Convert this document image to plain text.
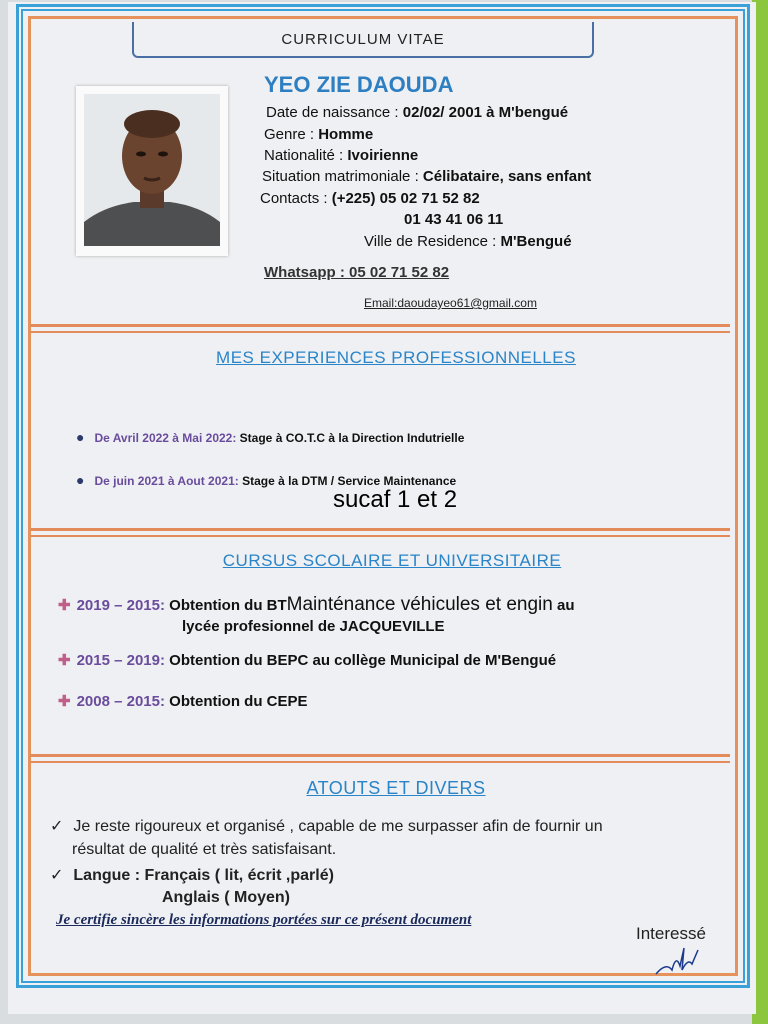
CURRICULUM VITAE
YEO ZIE DAOUDA
Date de naissance : 02/02/ 2001 à M'bengué
Genre : Homme
Nationalité : Ivoirienne
Situation matrimoniale : Célibataire, sans enfant
Contacts : (+225) 05 02 71 52 82
01 43 41 06 11
Ville de Residence : M'Bengué
Whatsapp : 05 02 71 52 82
Email:daoudayeo61@gmail.com
MES EXPERIENCES PROFESSIONNELLES
● De Avril 2022 à Mai 2022: Stage à CO.T.C à la Direction Indutrielle
● De juin 2021 à Aout 2021: Stage à la DTM / Service Maintenance
sucaf 1 et 2
CURSUS SCOLAIRE ET UNIVERSITAIRE
✚ 2019 – 2015: Obtention du BTMainténance véhicules et engin au
lycée profesionnel de JACQUEVILLE
✚ 2015 – 2019: Obtention du BEPC au collège Municipal de M'Bengué
✚ 2008 – 2015: Obtention du CEPE
ATOUTS ET DIVERS
✓ Je reste rigoureux et organisé , capable de me surpasser afin de fournir un
résultat de qualité et très satisfaisant.
✓ Langue : Français ( lit, écrit ,parlé)
Anglais ( Moyen)
Je certifie sincère les informations portées sur ce présent document
Interessé
